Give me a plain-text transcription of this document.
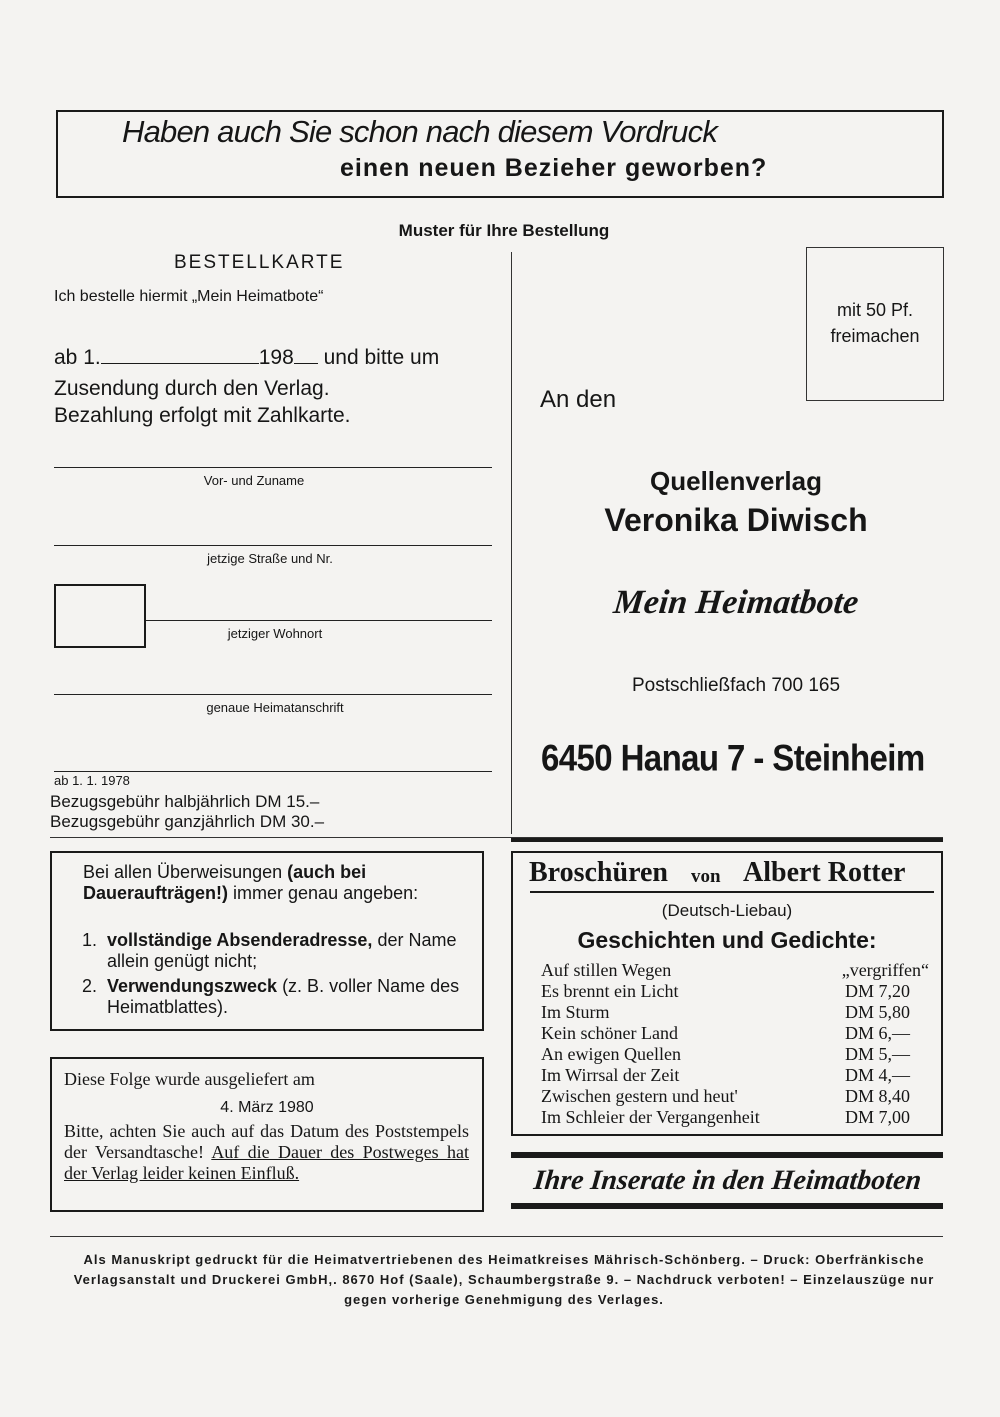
Haben auch Sie schon nach diesem Vordruck
einen neuen Bezieher geworben?
Muster für Ihre Bestellung
BESTELLKARTE
Ich bestelle hiermit „Mein Heimatbote“
ab 1.	198 und bitte um
Zusendung durch den Verlag.
Bezahlung erfolgt mit Zahlkarte.
Vor- und Zuname
jetzige Straße und Nr.
jetziger Wohnort
genaue Heimatanschrift
ab 1. 1. 1978
Bezugsgebühr halbjährlich DM 15.–
Bezugsgebühr ganzjährlich DM 30.–
mit 50 Pf.
freimachen
An den
Quellenverlag
Veronika Diwisch
Mein Heimatbote
Postschließfach 700 165
6450 Hanau 7 - Steinheim
Bei allen Überweisungen (auch bei Daueraufträgen!) immer genau angeben:
1. vollständige Absenderadresse, der Name allein genügt nicht;
2. Verwendungszweck (z. B. voller Name des Heimatblattes).
Diese Folge wurde ausgeliefert am
4. März 1980
Bitte, achten Sie auch auf das Datum des Poststempels der Versandtasche! Auf die Dauer des Postweges hat der Verlag leider keinen Einfluß.
Broschüren von Albert Rotter
(Deutsch-Liebau)
Geschichten und Gedichte:
Auf stillen Wegen	„vergriffen“
Es brennt ein Licht	DM 7,20
Im Sturm	DM 5,80
Kein schöner Land	DM 6,—
An ewigen Quellen	DM 5,—
Im Wirrsal der Zeit	DM 4,—
Zwischen gestern und heut'	DM 8,40
Im Schleier der Vergangenheit	DM 7,00
Ihre Inserate in den Heimatboten
Als Manuskript gedruckt für die Heimatvertriebenen des Heimatkreises Mährisch-Schönberg. – Druck: Oberfränkische Verlagsanstalt und Druckerei GmbH,. 8670 Hof (Saale), Schaumbergstraße 9. – Nachdruck verboten! – Einzelauszüge nur gegen vorherige Genehmigung des Verlages.
